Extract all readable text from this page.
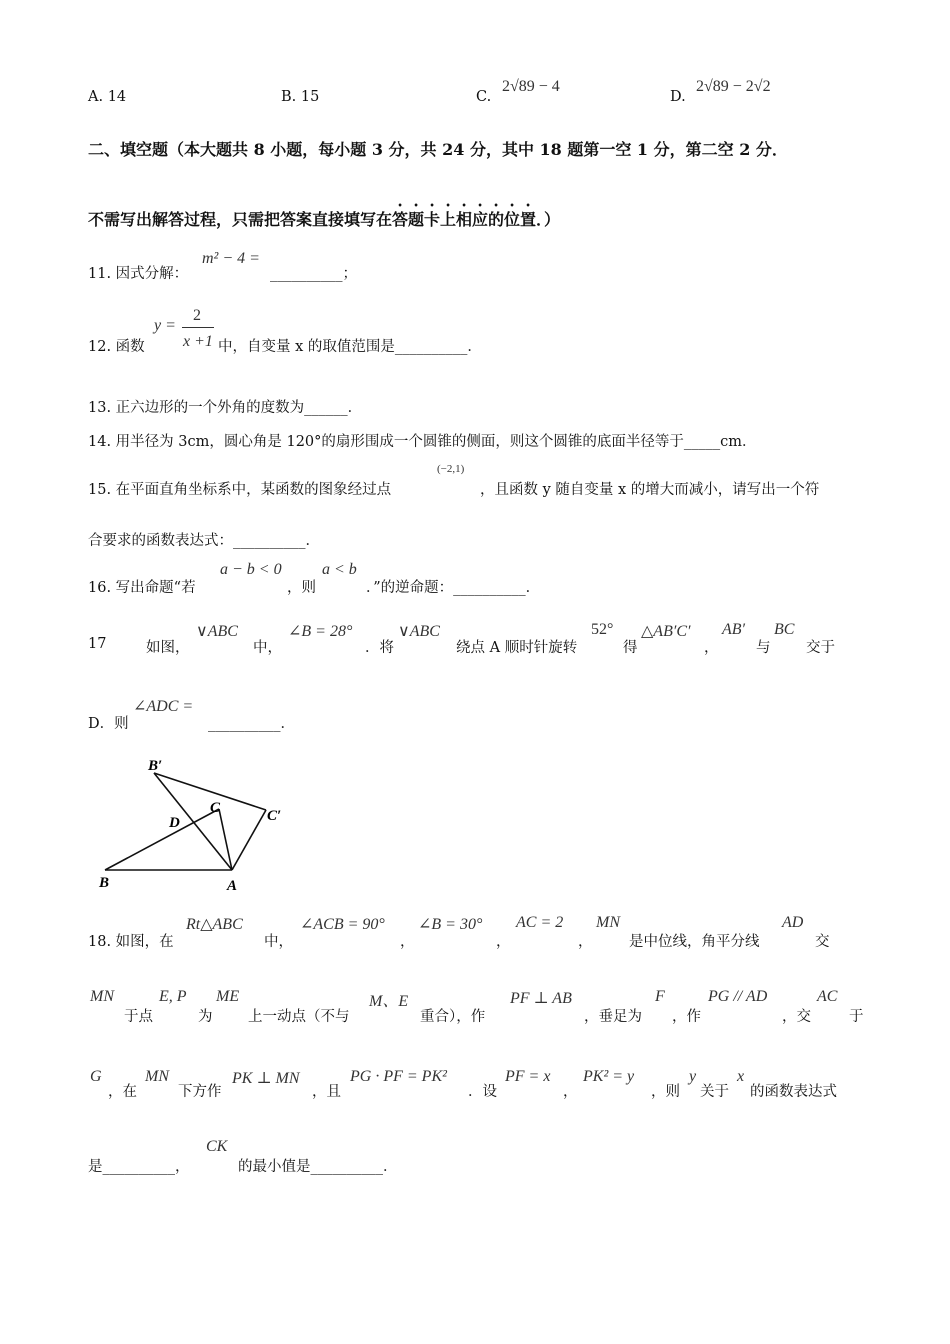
A. 14	B. 15	C.
2√89 − 4
D.
2√89 − 2√2
二、填空题（本大题共 8 小题，每小题 3 分，共 24 分，其中 18 题第一空 1 分，第二空 2 分．
不需写出解答过程，只需把答案直接填写在答题卡上相应的位置．）
11. 因式分解：
m² − 4 =
__________；
12. 函数
y =
2
x +1 中，自变量 x 的取值范围是__________．
13. 正六边形的一个外角的度数为______．
14. 用半径为 3cm，圆心角是 120°的扇形围成一个圆锥的侧面，则这个圆锥的底面半径等于_____cm．
15. 在平面直角坐标系中，某函数的图象经过点
(−2,1)
，且函数 y 随自变量 x 的增大而减小，请写出一个符
合要求的函数表达式：__________．
16. 写出命题“若
a − b < 0
，则
a < b
．”的逆命题：__________．
17	如图，
∨ABC
中，
∠B = 28°
．将
∨ABC
绕点 A 顺时针旋转
52°
得
△AB′C′
，
AB′
与
BC
交于
D．则
∠ADC =
__________．
B′
C
D	C′
B	A
18. 如图，在
Rt△ABC
中，
∠ACB = 90°
，
∠B = 30°
，
AC = 2
，
MN
是中位线，角平分线
AD
交
MN
于点
E, P
为
ME
上一动点（不与
M、E
重合），作
PF ⊥ AB
，垂足为
F
，作
PG // AD
，交
AC
于
G
，在
MN
下方作
PK ⊥ MN
，且
PG · PF = PK²
．设
PF = x
，
PK² = y
，则
y
关于
x
的函数表达式
是__________，
CK
的最小值是__________．
